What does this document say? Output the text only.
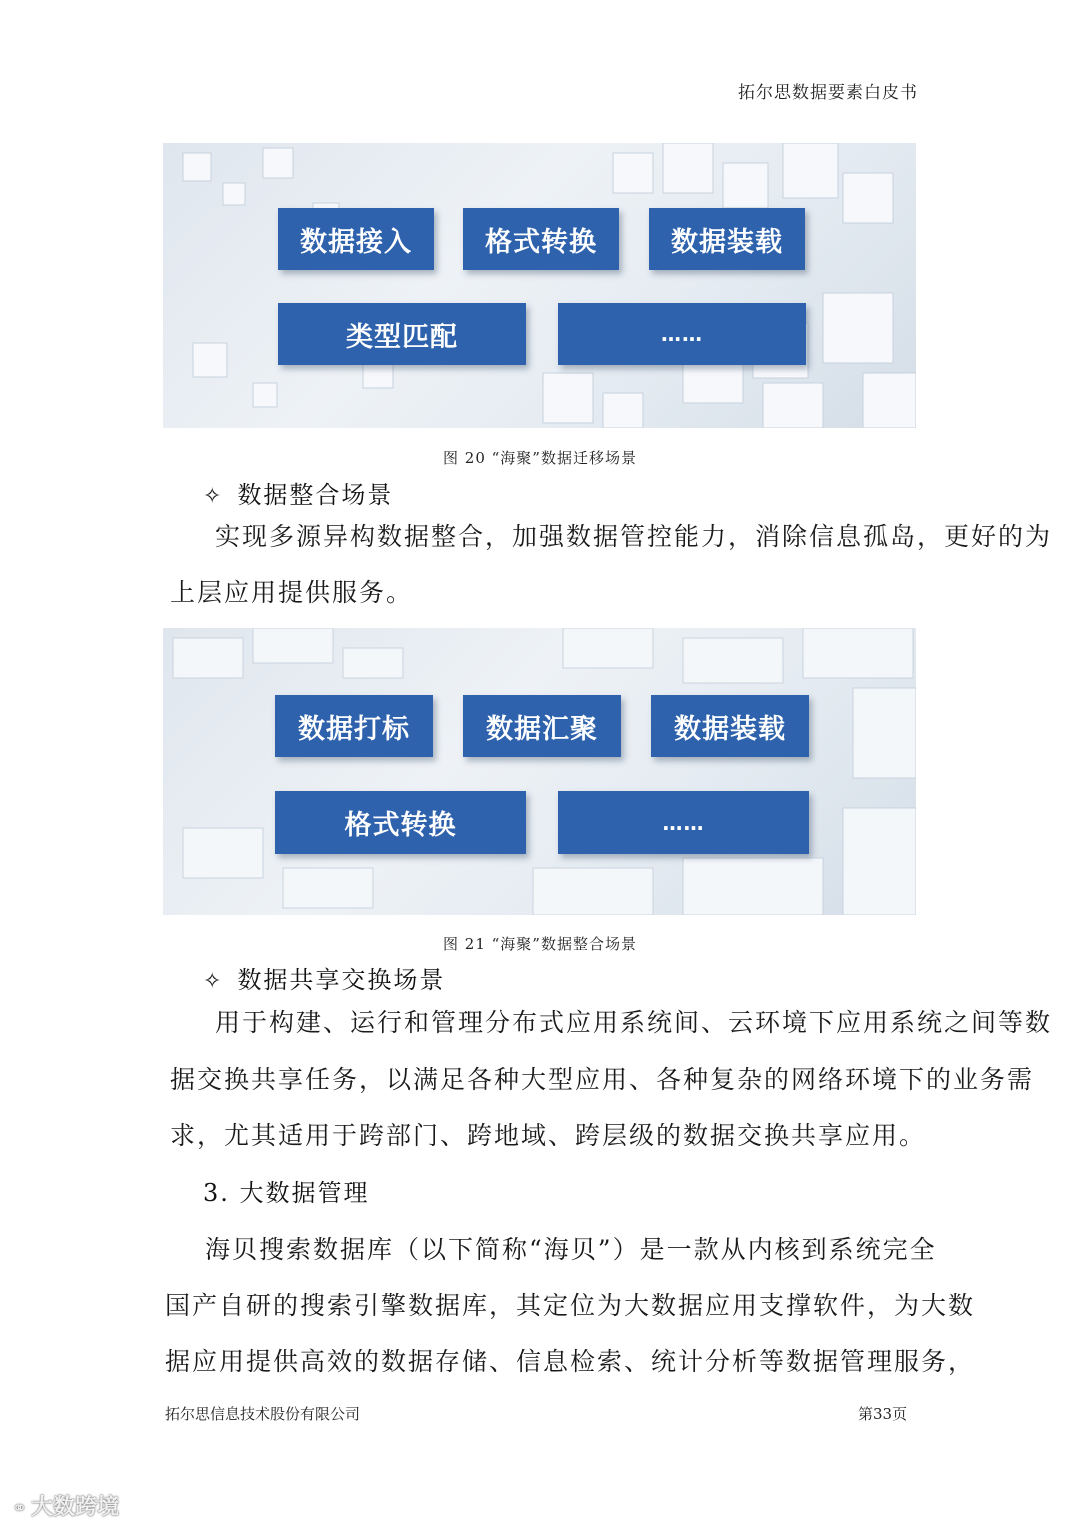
拓尔思数据要素白皮书
数据接入	格式转换	数据装载
类型匹配	……
图 20 “海聚”数据迁移场景
✧ 数据整合场景
实现多源异构数据整合，加强数据管控能力，消除信息孤岛，更好的为
上层应用提供服务。
数据打标	数据汇聚	数据装载
格式转换	……
图 21 “海聚”数据整合场景
✧ 数据共享交换场景
用于构建、运行和管理分布式应用系统间、云环境下应用系统之间等数
据交换共享任务，以满足各种大型应用、各种复杂的网络环境下的业务需
求，尤其适用于跨部门、跨地域、跨层级的数据交换共享应用。
3. 大数据管理
海贝搜索数据库（以下简称“海贝”）是一款从内核到系统完全
国产自研的搜索引擎数据库，其定位为大数据应用支撑软件，为大数
据应用提供高效的数据存储、信息检索、统计分析等数据管理服务，
拓尔思信息技术股份有限公司	第33页
⚭ 大数跨境
